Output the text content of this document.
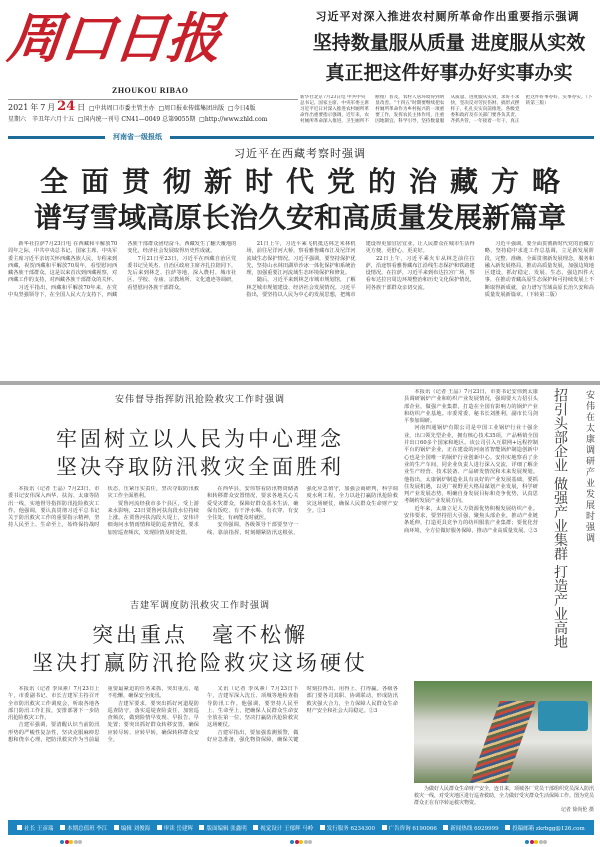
周口日报
ZHOUKOU RIBAO
习近平对深入推进农村厕所革命作出重要指示强调
坚持数量服从质量 进度服从实效
真正把这件好事办好实事办实
新华社北京7月23日电 中共中央总书记、国家主席、中央军委主席习近平近日对深入推进农村厕所革命作出重要指示强调，近年来，农村厕所革命深入推进，卫生厕所不断推广普及，农村人居环境得到明显改善。“十四五”时期要继续把农村厕所革命作为乡村振兴的一项重要工作，发挥农民主体作用，注重因地制宜、科学引导，坚持数量服从质量、进度服从实效，求好不求快，坚决反对劳民伤财、搞形式摆样子，扎扎实实向前推进。各级党委和政府及有关部门要各负其责、齐抓共管，一年接着一年干，真正把这件好事办好、实事办实。（下转第三版）
2021 年 7 月 24 日 □中共周口市委主管主办 □周口报业传媒集团出版 □今日4版
星期六　辛丑年六月十五 □国内统一刊号 CN41—0049 总第9055期 □http://www.zhld.com
河南省一级报纸
习近平在西藏考察时强调
全面贯彻新时代党的治藏方略
谱写雪域高原长治久安和高质量发展新篇章

新华社拉萨7月23日电 在西藏和平解放70周年之际，中共中央总书记、国家主席、中央军委主席习近平亲切关怀西藏各族人民，专程来到西藏，祝贺西藏和平解放70周年，看望慰问西藏各族干部群众。这是以来首次到西藏视察，对西藏工作的支持，对西藏各族干部群众的关怀。

习近平指出，西藏和平解放70年来，在党中央坚强领导下，在全国人民大力支持下，西藏各族干部群众团结奋斗，西藏发生了翻天覆地的变化，经济社会发展取得历史性成就。

7月21日至23日，习近平在西藏自治区党委书记吴英杰、自治区政府主席齐扎拉陪同下，先后来到林芝、拉萨等地，深入農村、城市社区、学校、寺庙、宗教场所、文化遗迹等调研，看望慰问各族干部群众。

21日上午，习近平乘飞机抵达林芝米林机场，前往尼洋河大桥，察看雅鲁藏布江及尼洋河流域生态保护情况。习近平强调，要坚持保护优先，坚持山水林田湖草沙冰一体化保护和系统治理，加强重要江河流域生态环境保护和修复。

随后，习近平来到林芝市城市规划馆，了解林芝城市规划建设、经济社会发展情况。习近平指出，要坚持以人民为中心的发展思想，把城市建设得更加宜居宜业，让人民群众在城市生活得更方便、更舒心、更美好。

22日上午，习近平乘火车从林芝前往拉萨，沿途察看雅鲁藏布江沿线生态保护和铁路建设情况。在拉萨，习近平来到布达拉宫广场，察看布达拉宫周边环境整治和历史文化保护情况，同各族干部群众亲切交流。

习近平强调，要全面贯彻新时代党的治藏方略，坚持稳中求进工作总基调，立足新发展阶段，完整、准确、全面贯彻新发展理念，服务和融入新发展格局，推动高质量发展，加强边境地区建设，抓好稳定、发展、生态、强边四件大事，在推动青藏高原生态保护和可持续发展上不断取得新成就，奋力谱写雪域高原长治久安和高质量发展新篇章。（下转第二版）

安伟督导指挥防汛抢险救灾工作时强调
牢固树立以人民为中心理念
坚决夺取防汛救灾全面胜利

本报讯（记者 王晶）7月23日，市委书记安伟深入西华、扶沟、太康等防汛一线，实地督导指挥防汛抢险救灾工作。他强调，要认真贯彻习近平总书记关于防汛救灾工作的重要指示精神，坚持人民至上、生命至上，始终保持战时状态，压紧压实责任，坚决夺取防汛救灾工作全面胜利。

贾鲁河流经我市多个县区，受上游来水影响，23日贾鲁河扶沟段水位持续上涨。在贾鲁河扶沟段大堤上，安伟详细询问水情雨情和堤防巡查情况，要求加密巡查频次，发现险情及时处置。

在西华县，安伟察看防汛物资储备和转移群众安置情况，要求各地关心关爱受灾群众，保障好群众基本生活，确保有饭吃、有干净水喝、有衣穿、有安全住处、有病能及时就医。

安伟强调，各级领导干部要坚守一线、靠前指挥，时刻绷紧防汛这根弦，强化应急值守，加强会商研判，科学调度水利工程，全力以赴打赢防汛抢险救灾这场硬仗，确保人民群众生命财产安全。②3

吉建军调度防汛救灾工作时强调
突出重点　毫不松懈
坚决打赢防汛抢险救灾这场硬仗

本报讯（记者 李凤素）7月23日上午，市委副书记、市长吉建军主持召开全市防汛救灾工作调度会，听取各地各部门防汛工作汇报，安排部署下一步防汛抢险救灾工作。

吉建军强调，要清醒认识当前防汛形势的严峻性复杂性，坚决克服麻痹思想和侥幸心理，把防汛救灾作为当前最重要最紧迫的任务来抓，突出重点、毫不松懈，确保安全度汛。

吉建军要求，要突出抓好河道堤防巡查防守，落实巡堤查险责任，加密巡查频次，做到险情早发现、早报告、早处置；要突出抓好群众转移安置，确保应转尽转、应转早转，确保转移群众安全。

又讯（记者 李凤素）7月23日下午，吉建军深入沈丘、项城等地检查指导防汛工作。他强调，要坚持人民至上、生命至上，把确保人民群众生命安全放在第一位，坚决打赢防汛抢险救灾这场硬仗。

吉建军指出，要加强监测预警，做好应急准备，强化物资保障，确保关键时刻拉得出、用得上、打得赢。各级各部门要各司其职、协调联动，形成防汛救灾强大合力，全力保障人民群众生命财产安全和社会大局稳定。②3

本报讯（记者 王晶）7月23日，市委书记安伟到太康县调研锅炉产业和纺织产业发展情况，强调要大力招引头部企业，做强产业集群，打造在全国有影响力的锅炉产业和纺织产业基地。市委常委、秘书长刘胜利，副市长马剑平参加调研。

河南四通锅炉有限公司是中国工业锅炉行业十强企业，出口领先型企业，拥有核心技术35项，产品畅销全国并出口60多个国家和地区。该公司引入互联网+远程控制平台的锅炉企业，正在建设的河南省智能锅炉制造创新中心也是全国唯一的锅炉行业创新中心。安伟实地察看了企业的生产车间，同企业负责人进行深入交流，详细了解企业生产经营、技术装备、产品研发情况和未来发展规划。他指出，太康锅炉制造业具有良好的产业发展基础，要抓住发展机遇，以更广视野更大格局谋划产业发展，科学研判产业发展态势，明确自身发展目标和竞争优势，认真思考制约发展产业发展方向。

近年来，太康立足人力资源优势积极发展纺织产业。安伟要求，要坚持招大引强，聚焦头部企业，推动产业链条延伸，打造更具竞争力的纺织服装产业集群；要优化营商环境，全方位做好服务保障，推动产业高质量发展。②3	招引头部企业 做强产业集群 打造产业高地	安伟在太康调研产业发展时强调
为做好人民群众生命财产安全，连日来，项城各厂党员干部组织党员深入防汛救灾一线，对受灾地区进行巡查救助，全力做好受灾群众生活保障工作。图为党员群众正在有序转运救灾物资。
记者 徐尚伦 摄
社长 王彦瑞	本期总值班 李江	编辑 刘俊海	审读 岳建辉	版面编辑 张鑫明	视觉设计 王郁辉 马岭	发行服务 6234300	广告咨询 6190066	新闻热线 6929999	投稿邮箱 zkrbgg@126.com
